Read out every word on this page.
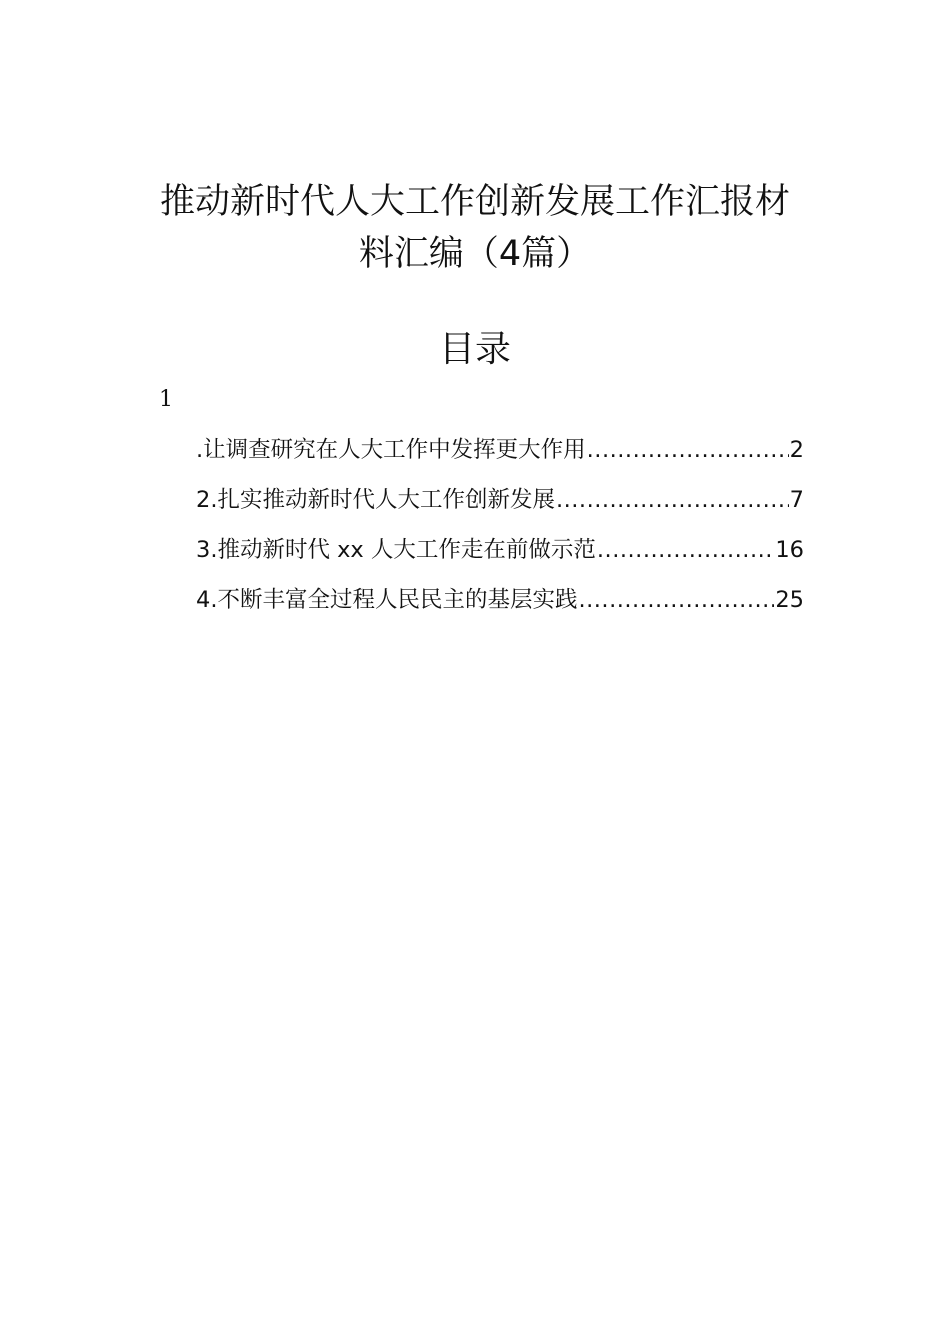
推动新时代人大工作创新发展工作汇报材
料汇编（4篇）
目录
1
.让调查研究在人大工作中发挥更大作用 .....	2
2.扎实推动新时代人大工作创新发展 .....	7
3.推动新时代 xx 人大工作走在前做示范 .....	16
4.不断丰富全过程人民民主的基层实践 .....	25
